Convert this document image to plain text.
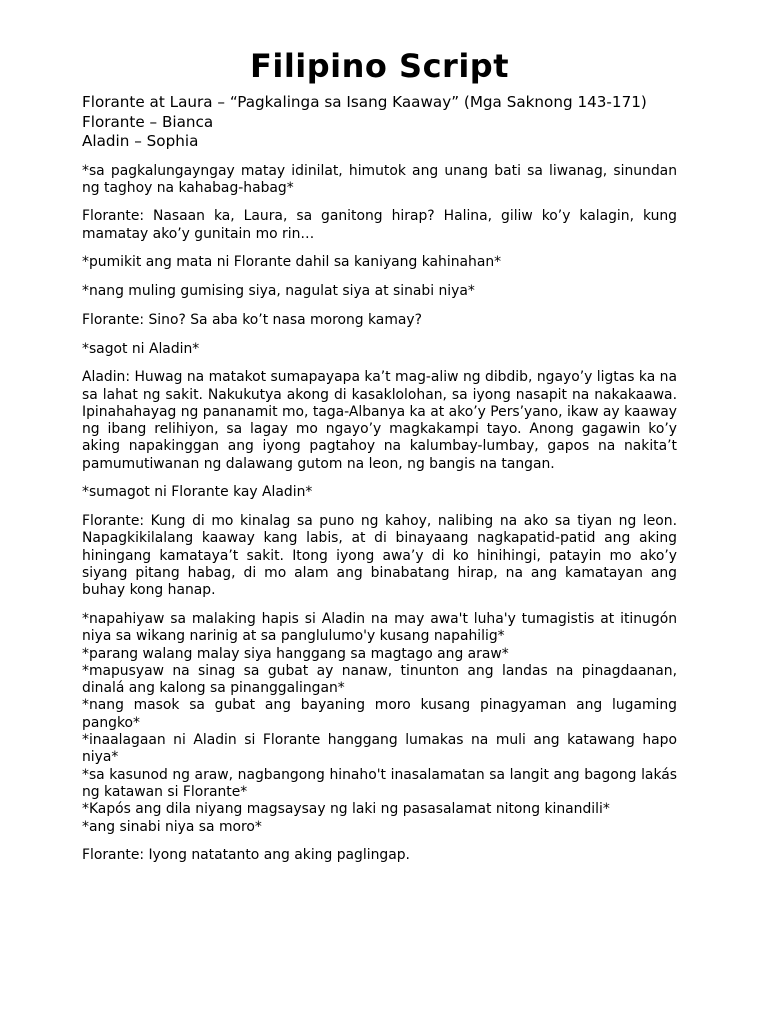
Filipino Script
Florante at Laura – “Pagkalinga sa Isang Kaaway” (Mga Saknong 143-171)
Florante – Bianca
Aladin – Sophia

*sa pagkalungayngay matay idinilat, himutok ang unang bati sa liwanag, sinundan ng taghoy na kahabag-habag*

Florante: Nasaan ka, Laura, sa ganitong hirap? Halina, giliw ko’y kalagin, kung mamatay ako’y gunitain mo rin…

*pumikit ang mata ni Florante dahil sa kaniyang kahinahan*

*nang muling gumising siya, nagulat siya at sinabi niya*

Florante: Sino? Sa aba ko’t nasa morong kamay?

*sagot ni Aladin*

Aladin: Huwag na matakot sumapayapa ka’t mag-aliw ng dibdib, ngayo’y ligtas ka na sa lahat ng sakit. Nakukutya akong di kasaklolohan, sa iyong nasapit na nakakaawa. Ipinahahayag ng pananamit mo, taga-Albanya ka at ako’y Pers’yano, ikaw ay kaaway ng ibang relihiyon, sa lagay mo ngayo’y magkakampi tayo. Anong gagawin ko’y aking napakinggan ang iyong pagtahoy na kalumbay-lumbay, gapos na nakita’t pamumutiwanan ng dalawang gutom na leon, ng bangis na tangan.

*sumagot ni Florante kay Aladin*

Florante: Kung di mo kinalag sa puno ng kahoy, nalibing na ako sa tiyan ng leon. Napagkikilalang kaaway kang labis, at di binayaang nagkapatid-patid ang aking hiningang kamataya’t sakit. Itong iyong awa’y di ko hinihingi, patayin mo ako’y siyang pitang habag, di mo alam ang binabatang hirap, na ang kamatayan ang buhay kong hanap.

*napahiyaw sa malaking hapis si Aladin na may awa't luha'y tumagistis at itinugón niya sa wikang narinig at sa panglulumo'y kusang napahilig*
*parang walang malay siya hanggang sa magtago ang araw*
*mapusyaw na sinag sa gubat ay nanaw, tinunton ang landas na pinagdaanan, dinalá ang kalong sa pinanggalingan*
*nang masok sa gubat ang bayaning moro kusang pinagyaman ang lugaming pangko*
*inaalagaan ni Aladin si Florante hanggang lumakas na muli ang katawang hapo niya*
*sa kasunod ng araw, nagbangong hinaho't inasalamatan sa langit ang bagong lakás ng katawan si Florante*
*Kapós ang dila niyang magsaysay ng laki ng pasasalamat nitong kinandili*
*ang sinabi niya sa moro*

Florante: Iyong natatanto ang aking paglingap.
